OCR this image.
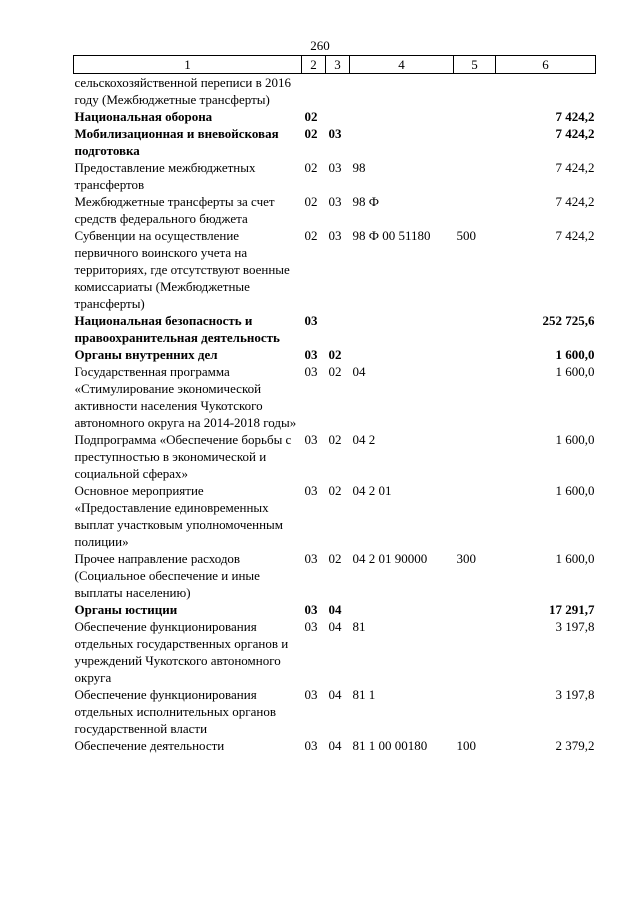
260
1	2	3	4	5	6
сельскохозяйственной переписи в 2016 году (Межбюджетные трансферты)					
Национальная оборона	02				7 424,2
Мобилизационная и вневойсковая подготовка	02	03			7 424,2
Предоставление межбюджетных трансфертов	02	03	98		7 424,2
Межбюджетные трансферты за счет средств федерального бюджета	02	03	98 Ф		7 424,2
Субвенции на осуществление первичного воинского учета на территориях, где отсутствуют военные комиссариаты (Межбюджетные трансферты)	02	03	98 Ф 00 51180	500	7 424,2
Национальная безопасность и правоохранительная деятельность	03				252 725,6
Органы внутренних дел	03	02			1 600,0
Государственная программа «Стимулирование экономической активности населения Чукотского автономного округа на 2014-2018 годы»	03	02	04		1 600,0
Подпрограмма «Обеспечение борьбы с преступностью в экономической и социальной сферах»	03	02	04 2		1 600,0
Основное мероприятие «Предоставление единовременных выплат участковым уполномоченным полиции»	03	02	04 2 01		1 600,0
Прочее направление расходов (Социальное обеспечение и иные выплаты населению)	03	02	04 2 01 90000	300	1 600,0
Органы юстиции	03	04			17 291,7
Обеспечение функционирования отдельных государственных органов и учреждений Чукотского автономного округа	03	04	81		3 197,8
Обеспечение функционирования отдельных исполнительных органов государственной власти	03	04	81 1		3 197,8
Обеспечение деятельности	03	04	81 1 00 00180	100	2 379,2
